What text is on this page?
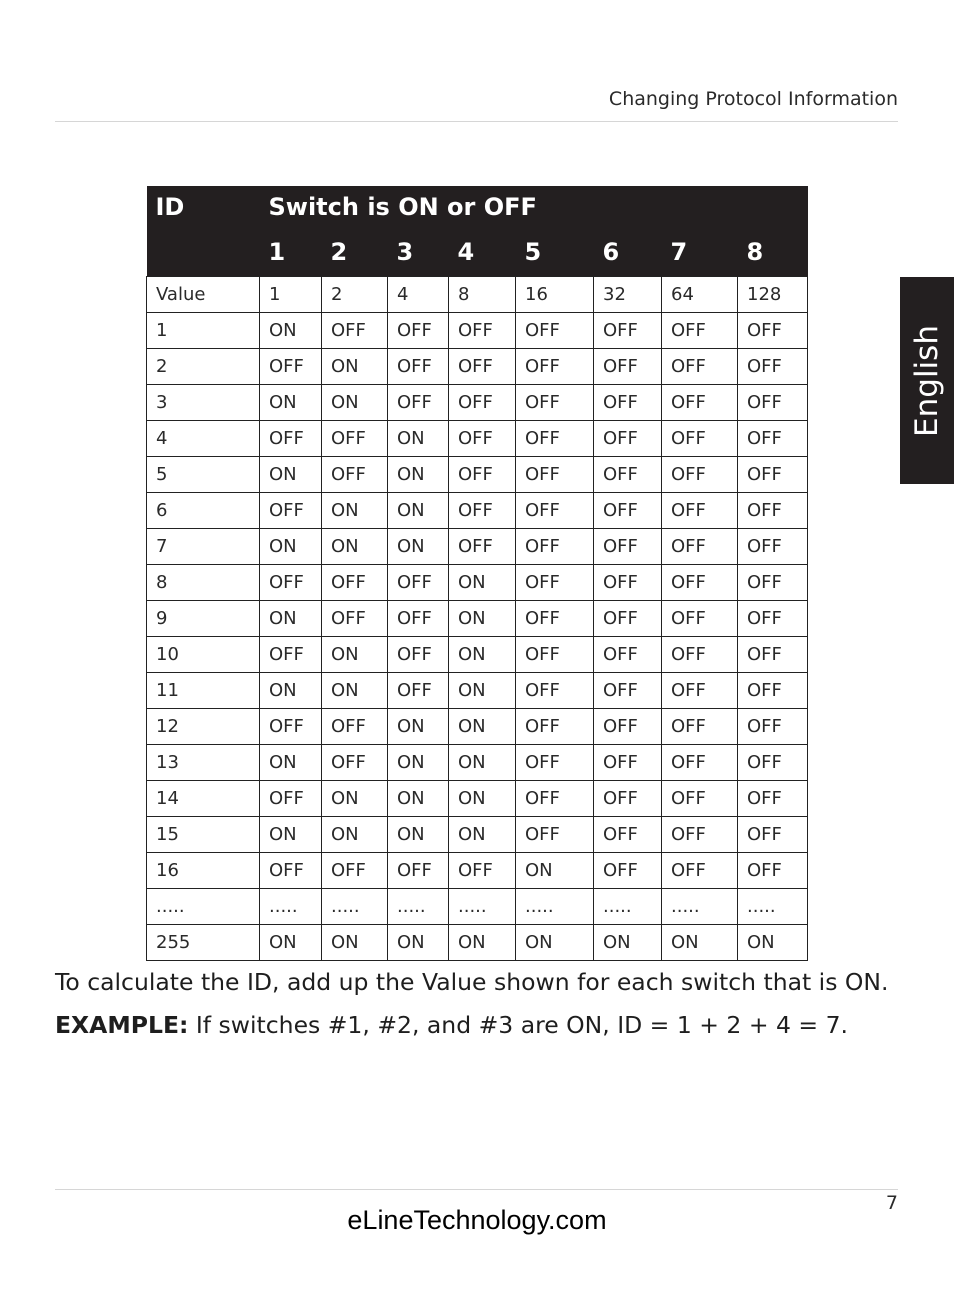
Changing Protocol Information
English
ID	Switch is ON or OFF							
	1	2	3	4	5	6	7	8
Value	1	2	4	8	16	32	64	128
1	ON	OFF	OFF	OFF	OFF	OFF	OFF	OFF
2	OFF	ON	OFF	OFF	OFF	OFF	OFF	OFF
3	ON	ON	OFF	OFF	OFF	OFF	OFF	OFF
4	OFF	OFF	ON	OFF	OFF	OFF	OFF	OFF
5	ON	OFF	ON	OFF	OFF	OFF	OFF	OFF
6	OFF	ON	ON	OFF	OFF	OFF	OFF	OFF
7	ON	ON	ON	OFF	OFF	OFF	OFF	OFF
8	OFF	OFF	OFF	ON	OFF	OFF	OFF	OFF
9	ON	OFF	OFF	ON	OFF	OFF	OFF	OFF
10	OFF	ON	OFF	ON	OFF	OFF	OFF	OFF
11	ON	ON	OFF	ON	OFF	OFF	OFF	OFF
12	OFF	OFF	ON	ON	OFF	OFF	OFF	OFF
13	ON	OFF	ON	ON	OFF	OFF	OFF	OFF
14	OFF	ON	ON	ON	OFF	OFF	OFF	OFF
15	ON	ON	ON	ON	OFF	OFF	OFF	OFF
16	OFF	OFF	OFF	OFF	ON	OFF	OFF	OFF
.....	.....	.....	.....	.....	.....	.....	.....	.....
255	ON	ON	ON	ON	ON	ON	ON	ON
To calculate the ID, add up the Value shown for each switch that is ON.
EXAMPLE: If switches #1, #2, and #3 are ON, ID = 1 + 2 + 4 = 7.
7
eLineTechnology.com
